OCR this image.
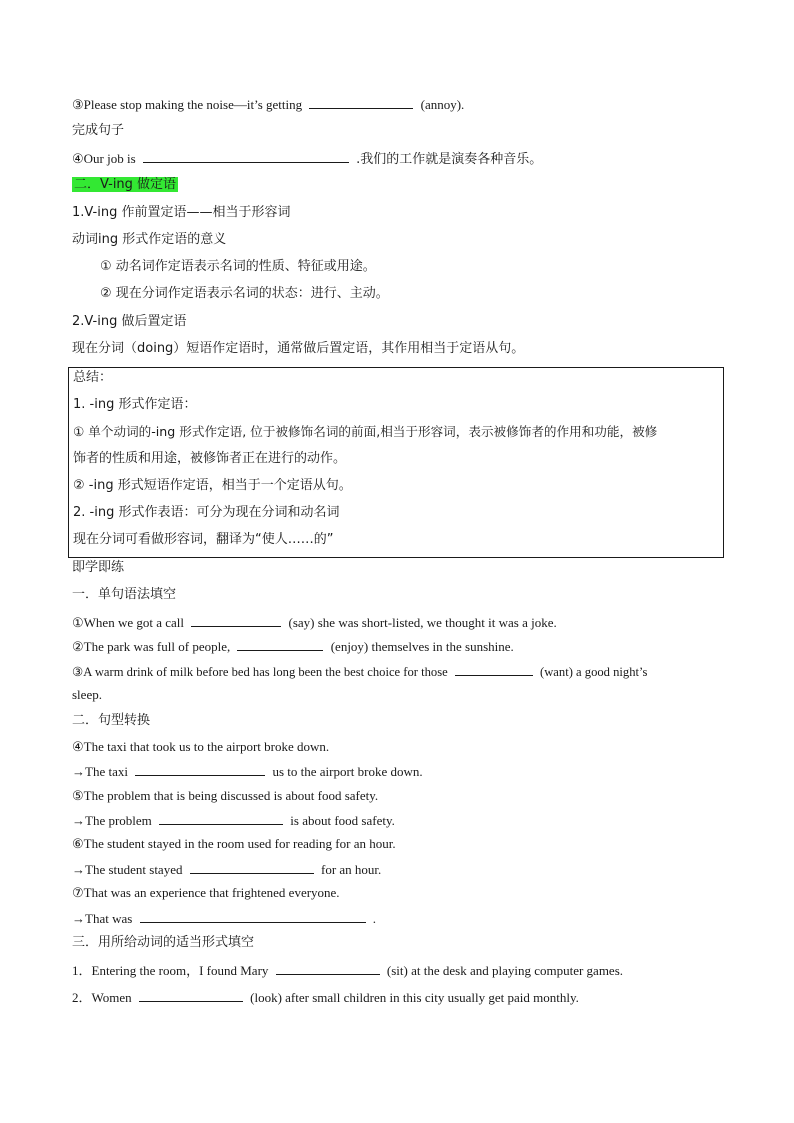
③Please stop making the noise—it’s getting	(annoy).
完成句子
④Our job is	.我们的工作就是演奏各种音乐。
二．V-ing 做定语
1.V-ing 作前置定语——相当于形容词
动词ing 形式作定语的意义
① 动名词作定语表示名词的性质、特征或用途。
② 现在分词作定语表示名词的状态：进行、主动。
2.V-ing 做后置定语
现在分词（doing）短语作定语时，通常做后置定语，其作用相当于定语从句。
总结：
1. -ing 形式作定语：
① 单个动词的-ing 形式作定语, 位于被修饰名词的前面,相当于形容词，表示被修饰者的作用和功能，被修
饰者的性质和用途，被修饰者正在进行的动作。
② -ing 形式短语作定语，相当于一个定语从句。
2. -ing 形式作表语：可分为现在分词和动名词
现在分词可看做形容词，翻译为“使人……的”
即学即练
一．单句语法填空
①When we got a call	(say) she was short-listed, we thought it was a joke.
②The park was full of people,	(enjoy) themselves in the sunshine.
③A warm drink of milk before bed has long been the best choice for those	(want) a good night’s
sleep.
二．句型转换
④The taxi that took us to the airport broke down.
→The taxi	us to the airport broke down.
⑤The problem that is being discussed is about food safety.
→The problem	is about food safety.
⑥The student stayed in the room used for reading for an hour.
→The student stayed	for an hour.
⑦That was an experience that frightened everyone.
→That was	.
三．用所给动词的适当形式填空
1．Entering the room，I found Mary	(sit) at the desk and playing computer games.
2．Women	(look) after small children in this city usually get paid monthly.
